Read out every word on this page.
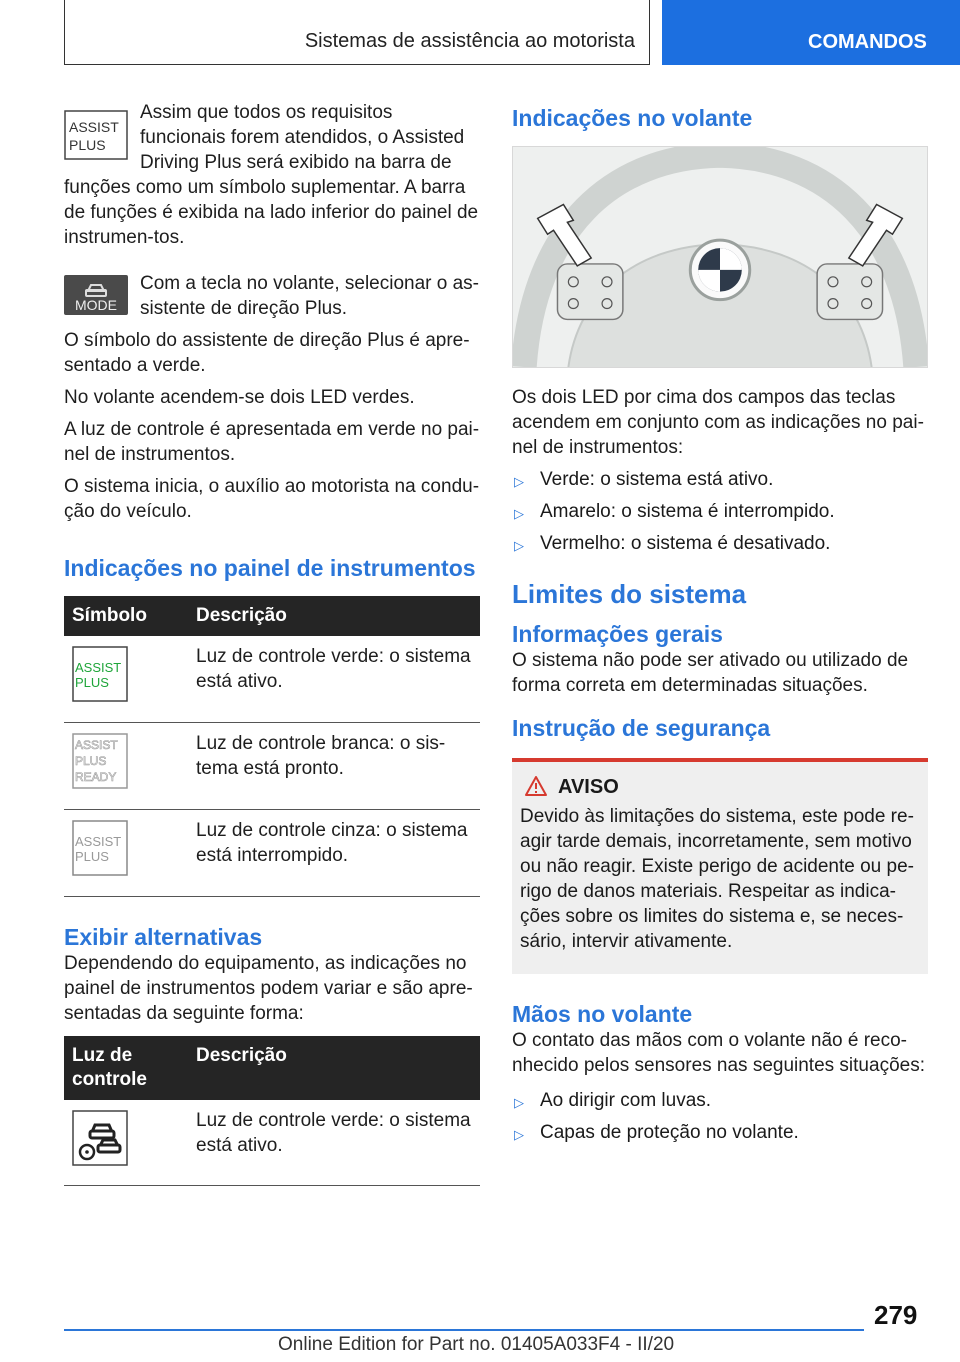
Sistemas de assistência ao motorista	COMANDOS
ASSIST
PLUS

Assim que todos os requisitos funcionais forem atendidos, o Assisted Driving Plus será exibido na barra de funções como um símbolo suplementar. A barra de funções é exibida na lado inferior do painel de instrumen-tos.

MODE

Com a tecla no volante, selecionar o as-sistente de direção Plus.

O símbolo do assistente de direção Plus é apre-sentado a verde.

No volante acendem-se dois LED verdes.

A luz de controle é apresentada em verde no pai-nel de instrumentos.

O sistema inicia, o auxílio ao motorista na condu-ção do veículo.

Indicações no painel de instrumentos
Símbolo	Descrição

ASSIST
PLUS	Luz de controle verde: o sistema está ativo.

ASSIST
PLUS
READY	Luz de controle branca: o sis-tema está pronto.

ASSIST
PLUS	Luz de controle cinza: o sistema está interrompido.
Exibir alternativas

Dependendo do equipamento, as indicações no painel de instrumentos podem variar e são apre-sentadas da seguinte forma:

Luz de controle	Descrição
	Luz de controle verde: o sistema está ativo.
Indicações no volante

Os dois LED por cima dos campos das teclas acendem em conjunto com as indicações no pai-nel de instrumentos:

▷ Verde: o sistema está ativo.
▷ Amarelo: o sistema é interrompido.
▷ Vermelho: o sistema é desativado.
Limites do sistema
Informações gerais

O sistema não pode ser ativado ou utilizado de forma correta em determinadas situações.

Instrução de segurança
AVISO

Devido às limitações do sistema, este pode re-agir tarde demais, incorretamente, sem motivo ou não reagir. Existe perigo de acidente ou pe-rigo de danos materiais. Respeitar as indica-ções sobre os limites do sistema e, se neces-sário, intervir ativamente.

Mãos no volante

O contato das mãos com o volante não é reco-nhecido pelos sensores nas seguintes situações:

▷ Ao dirigir com luvas.
▷ Capas de proteção no volante.
279
Online Edition for Part no. 01405A033F4 - II/20
